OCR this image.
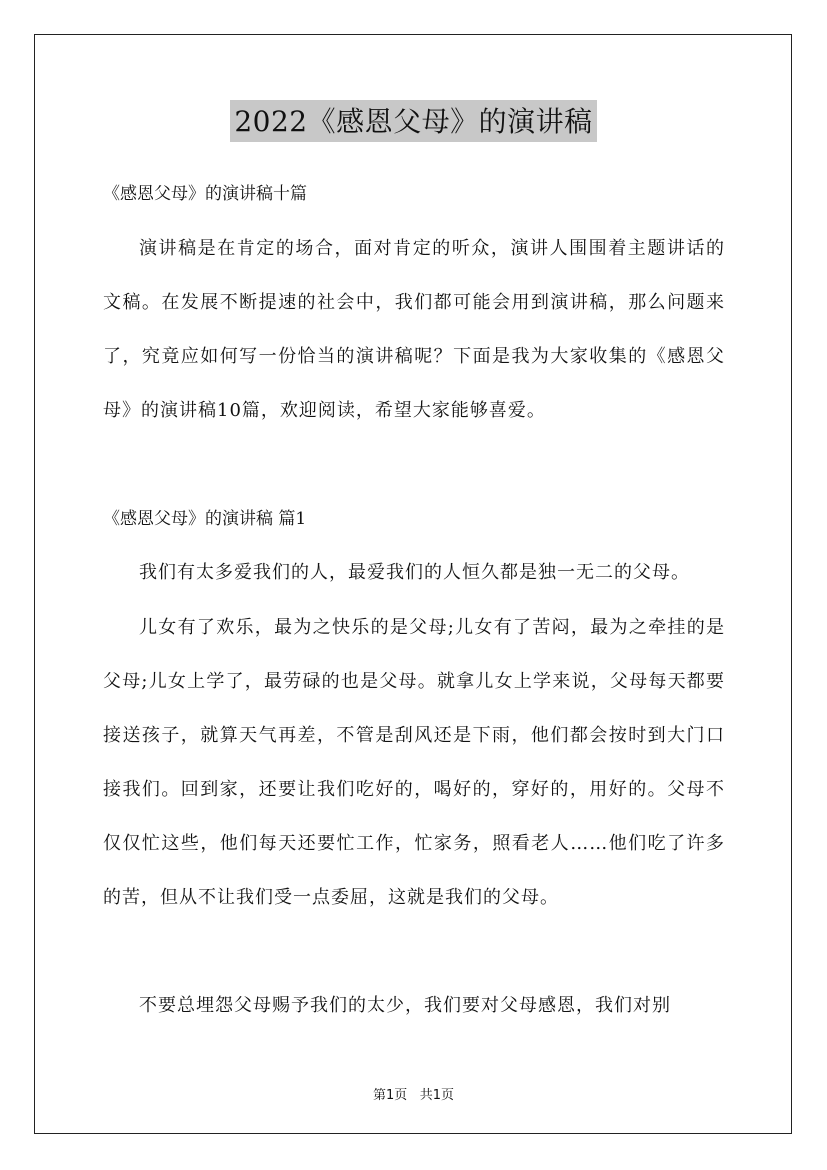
2022《感恩父母》的演讲稿
《感恩父母》的演讲稿十篇
演讲稿是在肯定的场合，面对肯定的听众，演讲人围围着主题讲话的文稿。在发展不断提速的社会中，我们都可能会用到演讲稿，那么问题来了，究竟应如何写一份恰当的演讲稿呢？下面是我为大家收集的《感恩父母》的演讲稿10篇，欢迎阅读，希望大家能够喜爱。
《感恩父母》的演讲稿 篇1
我们有太多爱我们的人，最爱我们的人恒久都是独一无二的父母。
儿女有了欢乐，最为之快乐的是父母;儿女有了苦闷，最为之牵挂的是父母;儿女上学了，最劳碌的也是父母。就拿儿女上学来说，父母每天都要接送孩子，就算天气再差，不管是刮风还是下雨，他们都会按时到大门口接我们。回到家，还要让我们吃好的，喝好的，穿好的，用好的。父母不仅仅忙这些，他们每天还要忙工作，忙家务，照看老人……他们吃了许多的苦，但从不让我们受一点委屈，这就是我们的父母。
不要总埋怨父母赐予我们的太少，我们要对父母感恩，我们对别
第1页 共1页
